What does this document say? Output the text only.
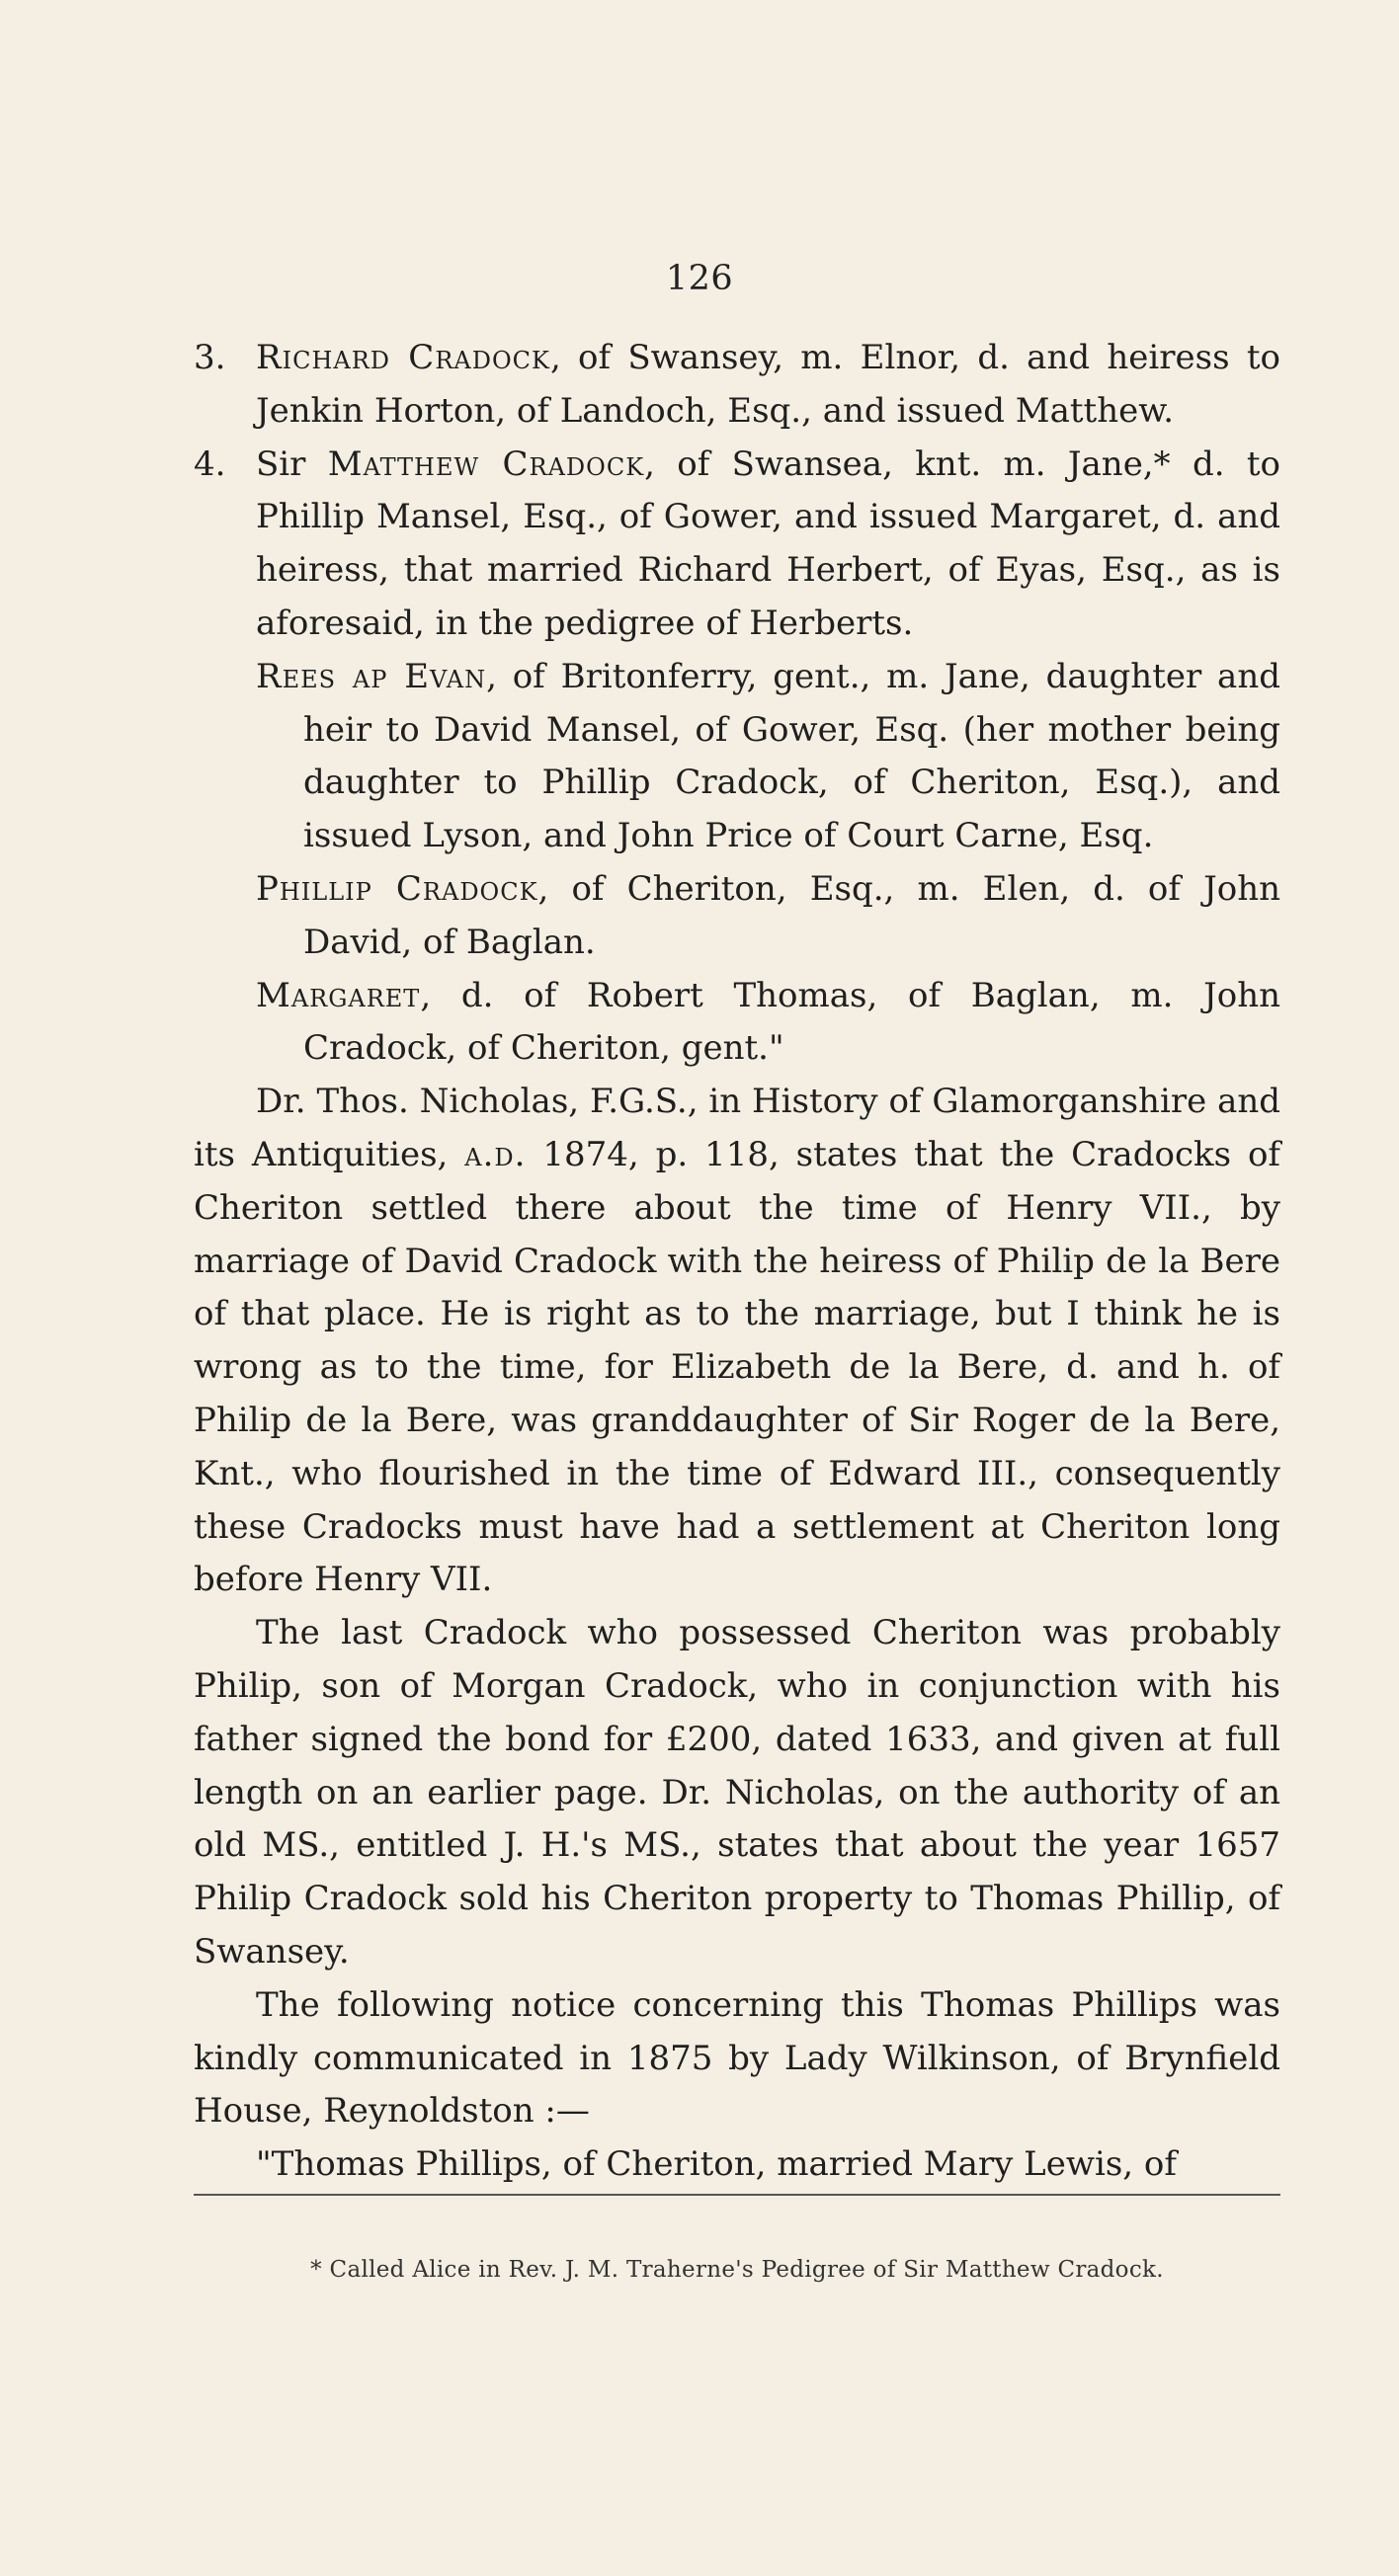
126
3. Richard Cradock, of Swansey, m. Elnor, d. and heiress to Jenkin Horton, of Landoch, Esq., and issued Matthew.
4. Sir Matthew Cradock, of Swansea, knt. m. Jane,* d. to Phillip Mansel, Esq., of Gower, and issued Margaret, d. and heiress, that married Richard Herbert, of Eyas, Esq., as is aforesaid, in the pedigree of Herberts.
Rees ap Evan, of Britonferry, gent., m. Jane, daughter and heir to David Mansel, of Gower, Esq. (her mother being daughter to Phillip Cradock, of Cheriton, Esq.), and issued Lyson, and John Price of Court Carne, Esq.
Phillip Cradock, of Cheriton, Esq., m. Elen, d. of John David, of Baglan.
Margaret, d. of Robert Thomas, of Baglan, m. John Cradock, of Cheriton, gent."

Dr. Thos. Nicholas, F.G.S., in History of Glamorganshire and its Antiquities, a.d. 1874, p. 118, states that the Cradocks of Cheriton settled there about the time of Henry VII., by marriage of David Cradock with the heiress of Philip de la Bere of that place. He is right as to the marriage, but I think he is wrong as to the time, for Elizabeth de la Bere, d. and h. of Philip de la Bere, was granddaughter of Sir Roger de la Bere, Knt., who flourished in the time of Edward III., consequently these Cradocks must have had a settlement at Cheriton long before Henry VII.

The last Cradock who possessed Cheriton was probably Philip, son of Morgan Cradock, who in conjunction with his father signed the bond for £200, dated 1633, and given at full length on an earlier page. Dr. Nicholas, on the authority of an old MS., entitled J. H.'s MS., states that about the year 1657 Philip Cradock sold his Cheriton property to Thomas Phillip, of Swansey.

The following notice concerning this Thomas Phillips was kindly communicated in 1875 by Lady Wilkinson, of Brynfield House, Reynoldston :—

"Thomas Phillips, of Cheriton, married Mary Lewis, of

* Called Alice in Rev. J. M. Traherne's Pedigree of Sir Matthew Cradock.
